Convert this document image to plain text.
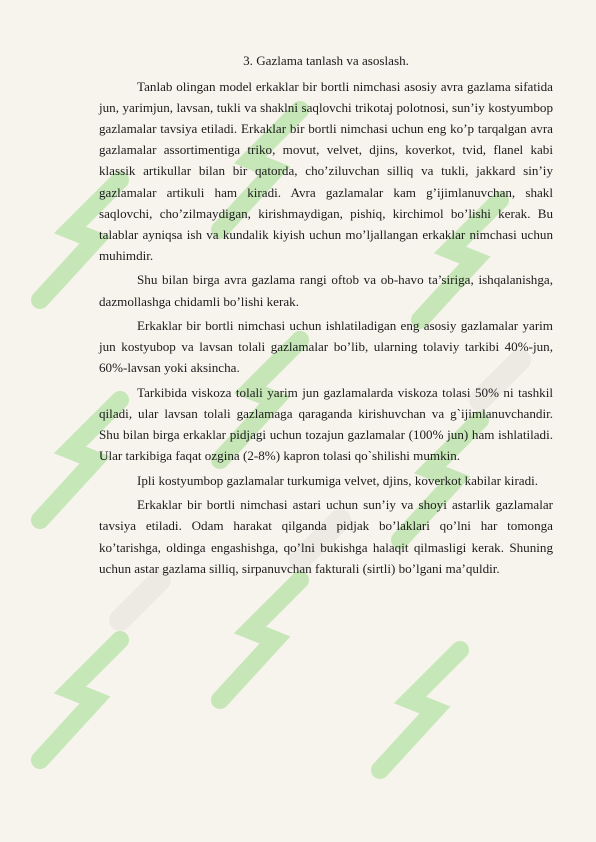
3. Gazlama tanlash va asoslash.

Tanlab olingan model erkaklar bir bortli nimchasi asosiy avra gazlama sifatida jun, yarimjun, lavsan, tukli va shaklni saqlovchi trikotaj polotnosi, sun’iy kostyumbop gazlamalar tavsiya etiladi. Erkaklar bir bortli nimchasi uchun eng ko’p tarqalgan avra gazlamalar assortimentiga triko, movut, velvet, djins, koverkot, tvid, flanel kabi klassik artikullar bilan bir qatorda, cho’ziluvchan silliq va tukli, jakkard sin’iy gazlamalar artikuli ham kiradi. Avra gazlamalar kam g’ijimlanuvchan, shakl saqlovchi, cho’zilmaydigan, kirishmaydigan, pishiq, kirchimol bo’lishi kerak. Bu talablar ayniqsa ish va kundalik kiyish uchun mo’ljallangan erkaklar nimchasi uchun muhimdir.

Shu bilan birga avra gazlama rangi oftob va ob-havo ta’siriga, ishqalanishga, dazmollashga chidamli bo’lishi kerak.

Erkaklar bir bortli nimchasi uchun ishlatiladigan eng asosiy gazlamalar yarim jun kostyubop va lavsan tolali gazlamalar bo’lib, ularning tolaviy tarkibi 40%-jun, 60%-lavsan yoki aksincha.

Tarkibida viskoza tolali yarim jun gazlamalarda viskoza tolasi 50% ni tashkil qiladi, ular lavsan tolali gazlamaga qaraganda kirishuvchan va g`ijimlanuvchandir. Shu bilan birga erkaklar pidjagi uchun tozajun gazlamalar (100% jun) ham ishlatiladi. Ular tarkibiga faqat ozgina (2-8%) kapron tolasi qo`shilishi mumkin.

Ipli kostyumbop gazlamalar turkumiga velvet, djins, koverkot kabilar kiradi.

Erkaklar bir bortli nimchasi astari uchun sun’iy va shoyi astarlik gazlamalar tavsiya etiladi. Odam harakat qilganda pidjak bo’laklari qo’lni har tomonga ko’tarishga, oldinga engashishga, qo’lni bukishga halaqit qilmasligi kerak. Shuning uchun astar gazlama silliq, sirpanuvchan fakturali (sirtli) bo’lgani ma’quldir.
